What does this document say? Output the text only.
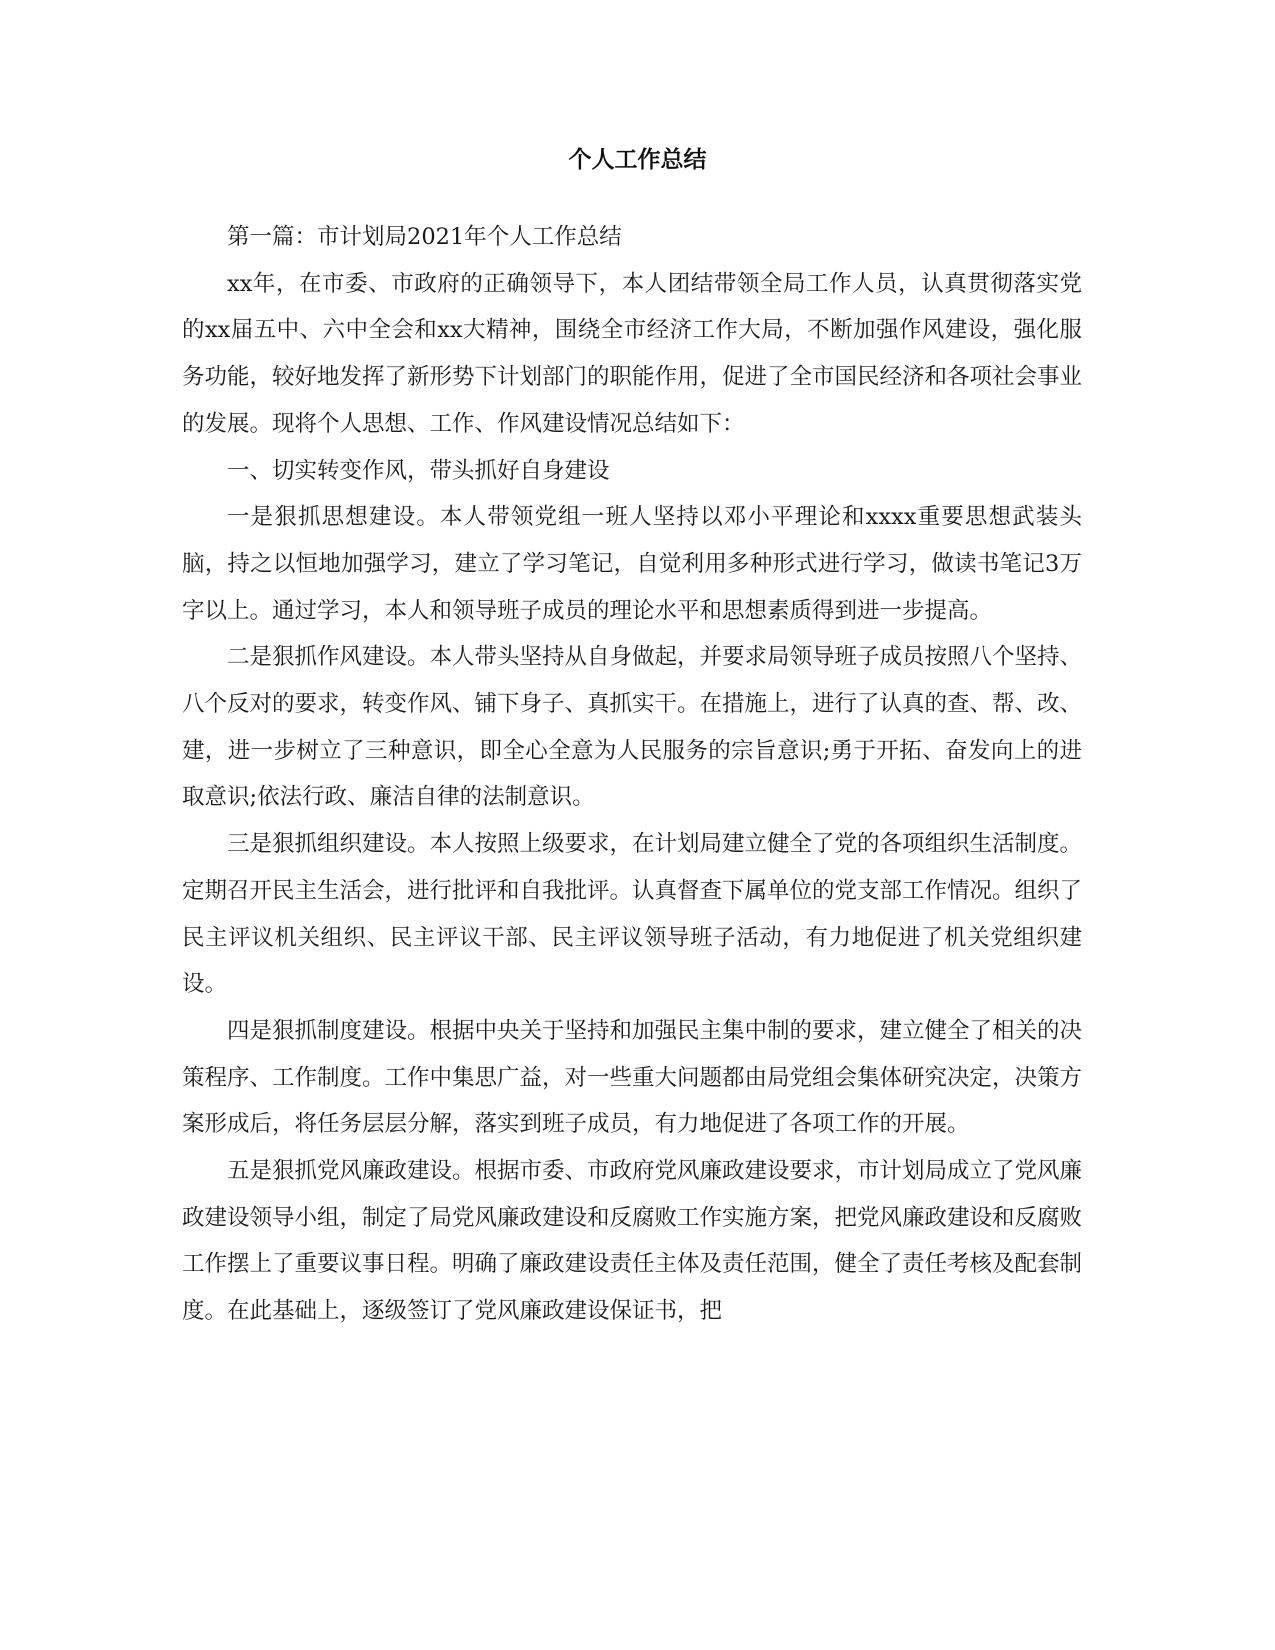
个人工作总结

第一篇：市计划局2021年个人工作总结

xx年，在市委、市政府的正确领导下，本人团结带领全局工作人员，认真贯彻落实党的xx届五中、六中全会和xx大精神，围绕全市经济工作大局，不断加强作风建设，强化服务功能，较好地发挥了新形势下计划部门的职能作用，促进了全市国民经济和各项社会事业的发展。现将个人思想、工作、作风建设情况总结如下：

一、切实转变作风，带头抓好自身建设

一是狠抓思想建设。本人带领党组一班人坚持以邓小平理论和xxxx重要思想武装头脑，持之以恒地加强学习，建立了学习笔记，自觉利用多种形式进行学习，做读书笔记3万字以上。通过学习，本人和领导班子成员的理论水平和思想素质得到进一步提高。

二是狠抓作风建设。本人带头坚持从自身做起，并要求局领导班子成员按照八个坚持、八个反对的要求，转变作风、铺下身子、真抓实干。在措施上，进行了认真的查、帮、改、建，进一步树立了三种意识，即全心全意为人民服务的宗旨意识;勇于开拓、奋发向上的进取意识;依法行政、廉洁自律的法制意识。

三是狠抓组织建设。本人按照上级要求，在计划局建立健全了党的各项组织生活制度。定期召开民主生活会，进行批评和自我批评。认真督查下属单位的党支部工作情况。组织了民主评议机关组织、民主评议干部、民主评议领导班子活动，有力地促进了机关党组织建设。

四是狠抓制度建设。根据中央关于坚持和加强民主集中制的要求，建立健全了相关的决策程序、工作制度。工作中集思广益，对一些重大问题都由局党组会集体研究决定，决策方案形成后，将任务层层分解，落实到班子成员，有力地促进了各项工作的开展。

五是狠抓党风廉政建设。根据市委、市政府党风廉政建设要求，市计划局成立了党风廉政建设领导小组，制定了局党风廉政建设和反腐败工作实施方案，把党风廉政建设和反腐败工作摆上了重要议事日程。明确了廉政建设责任主体及责任范围，健全了责任考核及配套制度。在此基础上，逐级签订了党风廉政建设保证书，把
